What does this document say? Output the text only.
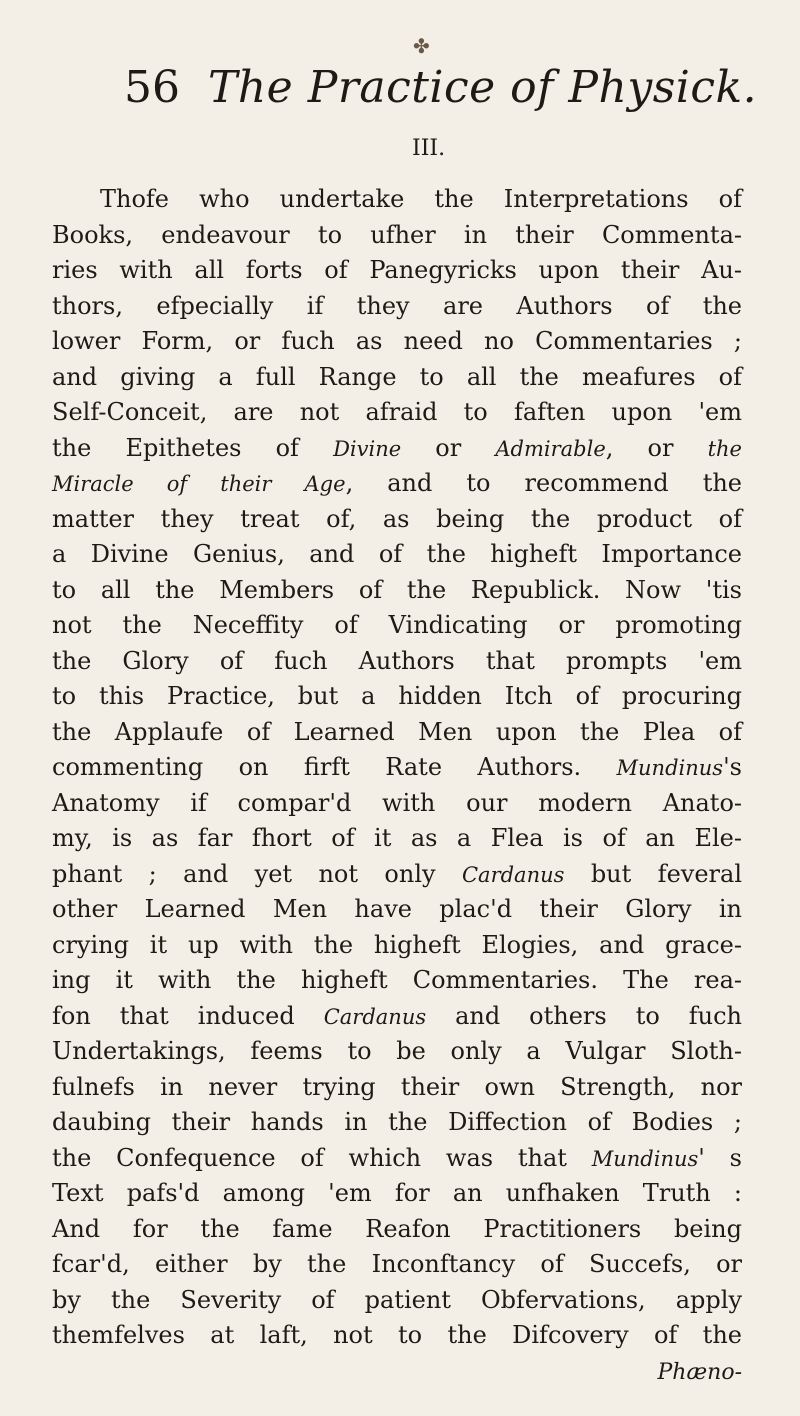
✤
56 The Practice of Physick.
III.
Thofe who undertake the Interpretations of
Books, endeavour to ufher in their Commenta-
ries with all forts of Panegyricks upon their Au-
thors, efpecially if they are Authors of the
lower Form, or fuch as need no Commentaries ;
and giving a full Range to all the meafures of
Self-Conceit, are not afraid to faften upon 'em
the Epithetes of Divine or Admirable, or the
Miracle of their Age, and to recommend the
matter they treat of, as being the product of
a Divine Genius, and of the higheft Importance
to all the Members of the Republick. Now 'tis
not the Neceffity of Vindicating or promoting
the Glory of fuch Authors that prompts 'em
to this Practice, but a hidden Itch of procuring
the Applaufe of Learned Men upon the Plea of
commenting on firft Rate Authors. Mundinus's
Anatomy if compar'd with our modern Anato-
my, is as far fhort of it as a Flea is of an Ele-
phant ; and yet not only Cardanus but feveral
other Learned Men have plac'd their Glory in
crying it up with the higheft Elogies, and grace-
ing it with the higheft Commentaries. The rea-
fon that induced Cardanus and others to fuch
Undertakings, feems to be only a Vulgar Sloth-
fulnefs in never trying their own Strength, nor
daubing their hands in the Diffection of Bodies ;
the Confequence of which was that Mundinus' s
Text pafs'd among 'em for an unfhaken Truth :
And for the fame Reafon Practitioners being
fcar'd, either by the Inconftancy of Succefs, or
by the Severity of patient Obfervations, apply
themfelves at laft, not to the Difcovery of the
Phæno-
